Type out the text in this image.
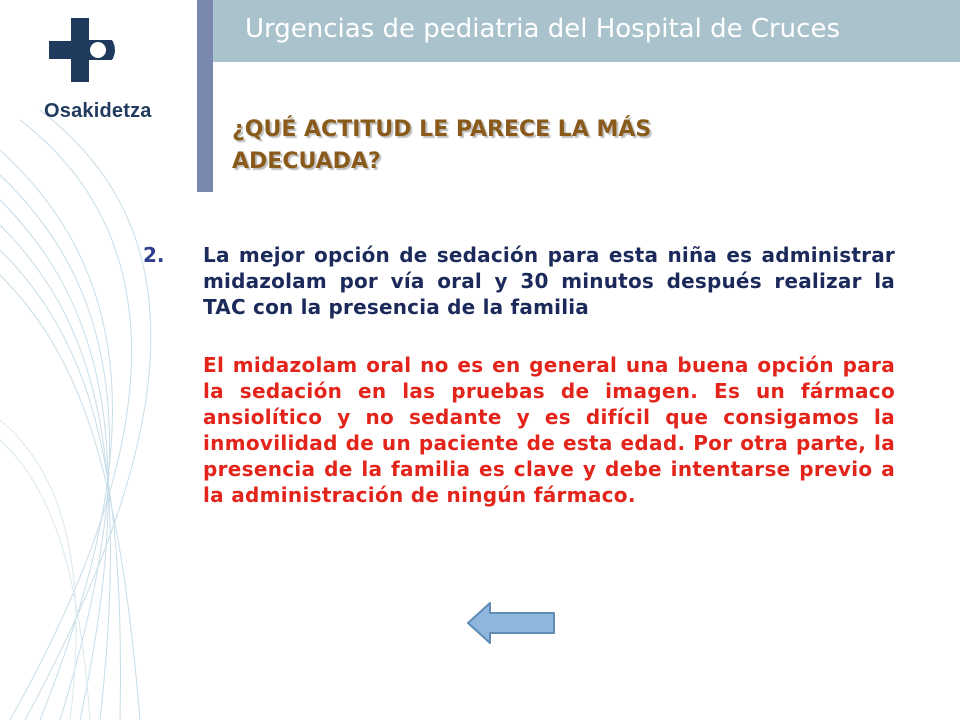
Osakidetza
Urgencias de pediatria del Hospital de Cruces
¿QUÉ ACTITUD LE PARECE LA MÁS
ADECUADA?
2. La mejor opción de sedación para esta niña es administrar midazolam por vía oral y 30 minutos después realizar la TAC con la presencia de la familia
El midazolam oral no es en general una buena opción para la sedación en las pruebas de imagen. Es un fármaco ansiolítico y no sedante y es difícil que consigamos la inmovilidad de un paciente de esta edad. Por otra parte, la presencia de la familia es clave y debe intentarse previo a la administración de ningún fármaco.
